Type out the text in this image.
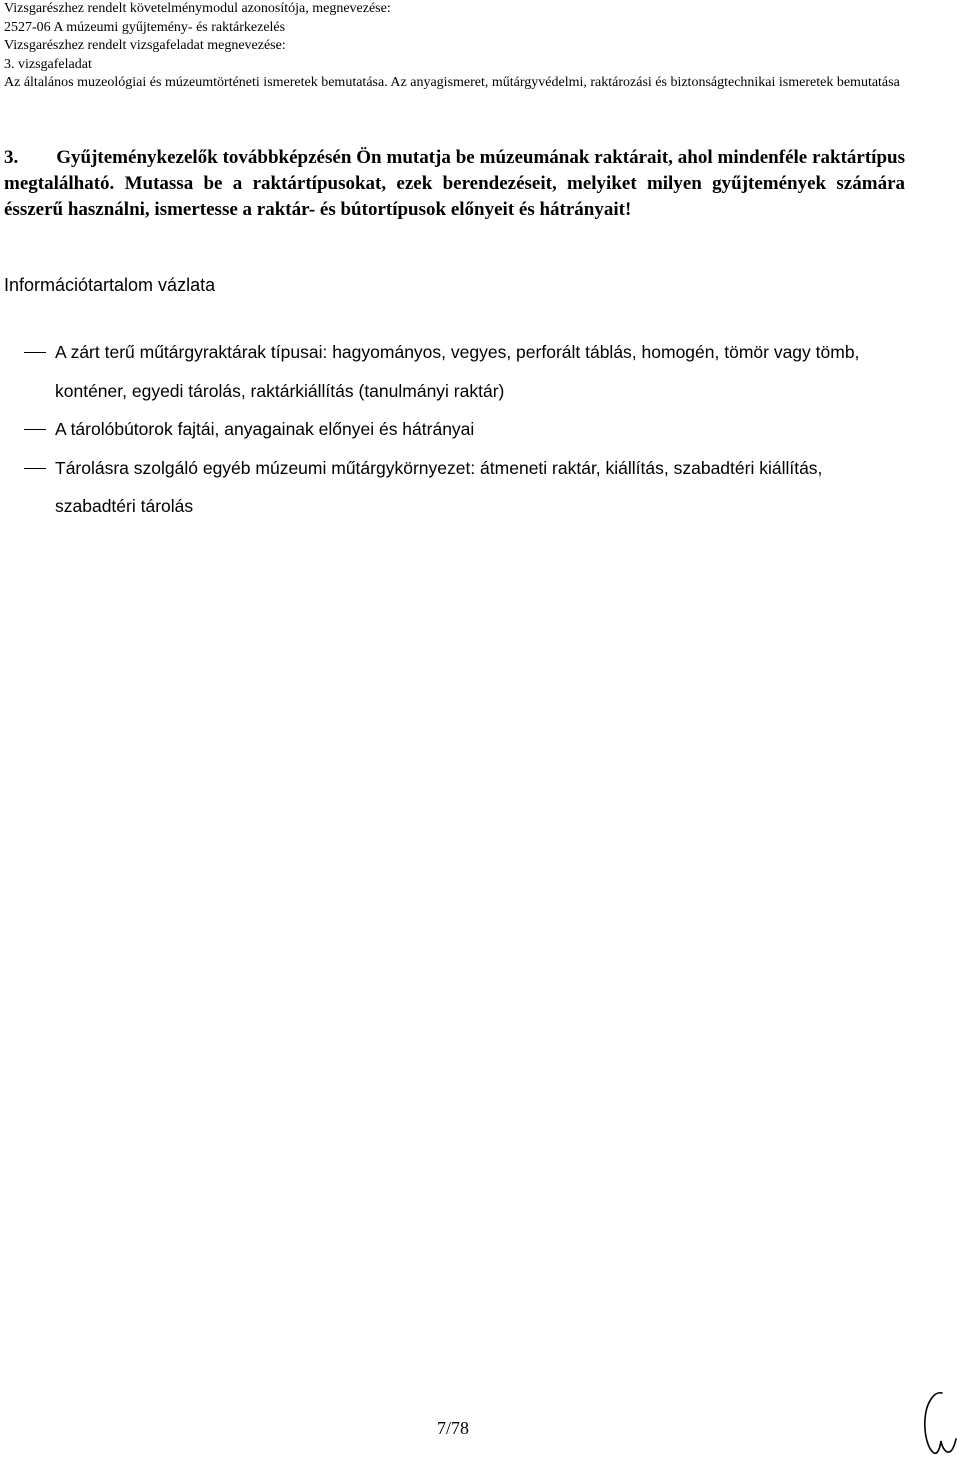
Vizsgarészhez rendelt követelménymodul azonosítója, megnevezése:
2527-06 A múzeumi gyűjtemény- és raktárkezelés
Vizsgarészhez rendelt vizsgafeladat megnevezése:
3. vizsgafeladat
Az általános muzeológiai és múzeumtörténeti ismeretek bemutatása. Az anyagismeret, műtárgyvédelmi, raktározási és biztonságtechnikai ismeretek bemutatása
3. Gyűjteménykezelők továbbképzésén Ön mutatja be múzeumának raktárait, ahol mindenféle raktártípus megtalálható. Mutassa be a raktártípusokat, ezek berendezéseit, melyiket milyen gyűjtemények számára ésszerű használni, ismertesse a raktár- és bútortípusok előnyeit és hátrányait!
Információtartalom vázlata
A zárt terű műtárgyraktárak típusai: hagyományos, vegyes, perforált táblás, homogén, tömör vagy tömb, konténer, egyedi tárolás, raktárkiállítás (tanulmányi raktár)
A tárolóbútorok fajtái, anyagainak előnyei és hátrányai
Tárolásra szolgáló egyéb múzeumi műtárgykörnyezet: átmeneti raktár, kiállítás, szabadtéri kiállítás, szabadtéri tárolás
7/78
